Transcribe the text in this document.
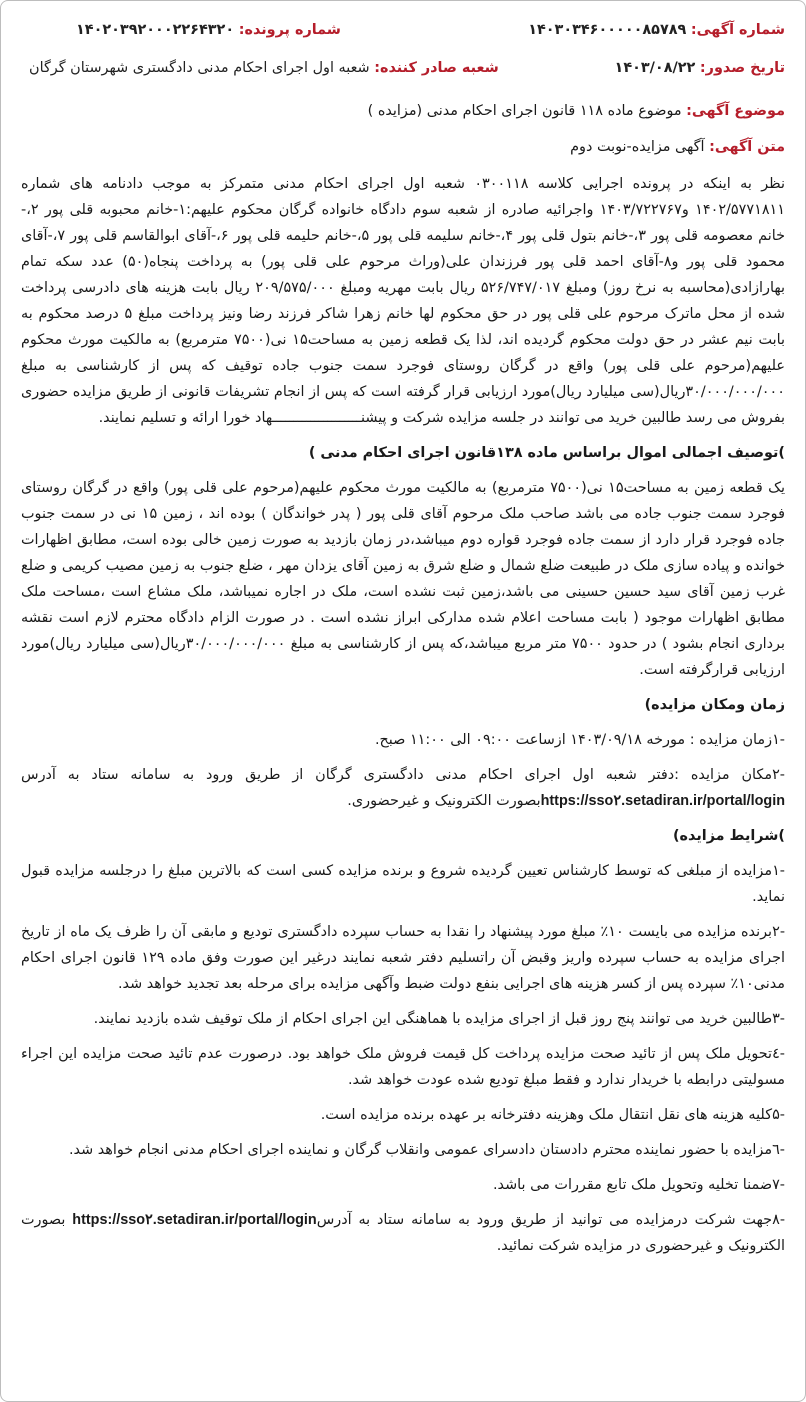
شماره آگهی: ۱۴۰۳۰۳۴۶۰۰۰۰۰۸۵۷۸۹
شماره پرونده: ۱۴۰۲۰۳۹۲۰۰۰۲۲۶۴۳۲۰
تاریخ صدور: ۱۴۰۳/۰۸/۲۲
شعبه صادر کننده: شعبه اول اجرای احکام مدنی دادگستری شهرستان گرگان
موضوع آگهی: موضوع ماده ۱۱۸ قانون اجرای احکام مدنی (مزایده )
متن آگهی: آگهی مزایده-نوبت دوم

نظر به اینکه در پرونده اجرایی کلاسه ۰۳۰۰۱۱۸ شعبه اول اجرای احکام مدنی متمرکز به موجب دادنامه های شماره ۱۴۰۲/۵۷۷۱۸۱۱ و۱۴۰۳/۷۲۲۷۶۷ واجرائیه صادره از شعبه سوم دادگاه خانواده گرگان محکوم علیهم:۱-خانم محبوبه قلی پور ۲،-خانم معصومه قلی پور ۳،-خانم بتول قلی پور ۴،-خانم سلیمه قلی پور ۵،-خانم حلیمه قلی پور ۶،-آقای ابوالقاسم قلی پور ۷،-آقای محمود قلی پور و۸-آقای احمد قلی پور فرزندان علی(وراث مرحوم علی قلی پور) به پرداخت پنجاه(۵۰) عدد سکه تمام بهارازادی(محاسبه به نرخ روز) ومبلغ ۵۲۶/۷۴۷/۰۱۷ ریال بابت مهریه ومبلغ ۲۰۹/۵۷۵/۰۰۰ ریال بابت هزینه های دادرسی پرداخت شده از محل ماترک مرحوم علی قلی پور در حق محکوم لها خانم زهرا شاکر فرزند رضا ونیز پرداخت مبلغ ۵ درصد محکوم به بابت نیم عشر در حق دولت محکوم گردیده اند، لذا یک قطعه زمین به مساحت۱۵ نی(۷۵۰۰ مترمربع) به مالکیت مورث محکوم علیهم(مرحوم علی قلی پور) واقع در گرگان روستای فوجرد سمت جنوب جاده توقیف که پس از کارشناسی به مبلغ ۳۰/۰۰۰/۰۰۰/۰۰۰ریال(سی میلیارد ریال)مورد ارزیابی قرار گرفته است که پس از انجام تشریفات قانونی از طریق مزایده حضوری بفروش می رسد طالبین خرید می توانند در جلسه مزایده شرکت و پیشنـــــــــــــــــــــهاد خورا ارائه و تسلیم نمایند.

)توصیف اجمالی اموال براساس ماده ۱۳۸قانون اجرای احکام مدنی )

یک قطعه زمین به مساحت۱۵ نی(۷۵۰۰ مترمربع) به مالکیت مورث محکوم علیهم(مرحوم علی قلی پور) واقع در گرگان روستای فوجرد سمت جنوب جاده می باشد صاحب ملک مرحوم آقای قلی پور ( پدر خواندگان ) بوده اند ، زمین ۱۵ نی در سمت جنوب جاده فوجرد قرار دارد از سمت جاده فوجرد قواره دوم میباشد،در زمان بازدید به صورت زمین خالی بوده است، مطابق اظهارات خوانده و پیاده سازی ملک در طبیعت ضلع شمال و ضلع شرق به زمین آقای یزدان مهر ، ضلع جنوب به زمین مصیب کریمی و ضلع غرب زمین آقای سید حسین حسینی می باشد،زمین ثبت نشده است، ملک در اجاره نمیباشد، ملک مشاع است ،مساحت ملک مطابق اظهارات موجود ( بابت مساحت اعلام شده مدارکی ابراز نشده است . در صورت الزام دادگاه محترم لازم است نقشه برداری انجام بشود ) در حدود ۷۵۰۰ متر مربع میباشد،که پس از کارشناسی به مبلغ ۳۰/۰۰۰/۰۰۰/۰۰۰ریال(سی میلیارد ریال)مورد ارزیابی قرارگرفته است.

زمان ومکان مزایده)

-۱زمان مزایده : مورخه ۱۴۰۳/۰۹/۱۸ ازساعت ۰۹:۰۰ الی ۱۱:۰۰ صبح.

-۲مکان مزایده :دفتر شعبه اول اجرای احکام مدنی دادگستری گرگان از طریق ورود به سامانه ستاد به آدرس https://sso۲.setadiran.ir/portal/loginبصورت الکترونیک و غیرحضوری.

)شرایط مزایده)

-۱مزایده از مبلغی که توسط کارشناس تعیین گردیده شروع و برنده مزایده کسی است که بالاترین مبلغ را درجلسه مزایده قبول نماید.

-۲برنده مزایده می بایست ۱۰٪ مبلغ مورد پیشنهاد را نقدا به حساب سپرده دادگستری تودیع و مابقی آن را ظرف یک ماه از تاریخ اجرای مزایده به حساب سپرده واریز وقبض آن راتسلیم دفتر شعبه نمایند درغیر این صورت وفق ماده ۱۲۹ قانون اجرای احکام مدنی۱۰٪ سپرده پس از کسر هزینه های اجرایی بنفع دولت ضبط وآگهی مزایده برای مرحله بعد تجدید خواهد شد.

-۳طالبین خرید می توانند پنج روز قبل از اجرای مزایده با هماهنگی این اجرای احکام از ملک توقیف شده بازدید نمایند.

-٤تحویل ملک پس از تائید صحت مزایده پرداخت کل قیمت فروش ملک خواهد بود. درصورت عدم تائید صحت مزایده این اجراء مسولیتی درابطه با خریدار ندارد و فقط مبلغ تودیع شده عودت خواهد شد.

-۵کلیه هزینه های نقل انتقال ملک وهزینه دفترخانه بر عهده برنده مزایده است.

-٦مزایده با حضور نماینده محترم دادستان دادسرای عمومی وانقلاب گرگان و نماینده اجرای احکام مدنی انجام خواهد شد.

-۷ضمنا تخلیه وتحویل ملک تابع مقررات می باشد.

-۸جهت شرکت درمزایده می توانید از طریق ورود به سامانه ستاد به آدرسhttps://sso۲.setadiran.ir/portal/login بصورت الکترونیک و غیرحضوری در مزایده شرکت نمائید.
